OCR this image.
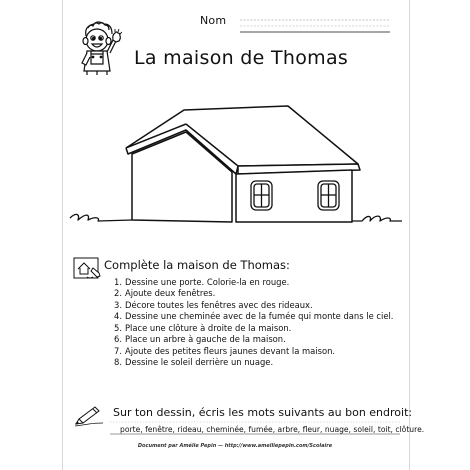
Nom
La maison de Thomas
Complète la maison de Thomas:
1. Dessine une porte. Colorie-la en rouge.
2. Ajoute deux fenêtres.
3. Décore toutes les fenêtres avec des rideaux.
4. Dessine une cheminée avec de la fumée qui monte dans le ciel.
5. Place une clôture à droite de la maison.
6. Place un arbre à gauche de la maison.
7. Ajoute des petites fleurs jaunes devant la maison.
8. Dessine le soleil derrière un nuage.
Sur ton dessin, écris les mots suivants au bon endroit:
porte, fenêtre, rideau, cheminée, fumée, arbre, fleur, nuage, soleil, toit, clôture.
Document par Amélie Pepin — http://www.amelliepepin.com/Scolaire
